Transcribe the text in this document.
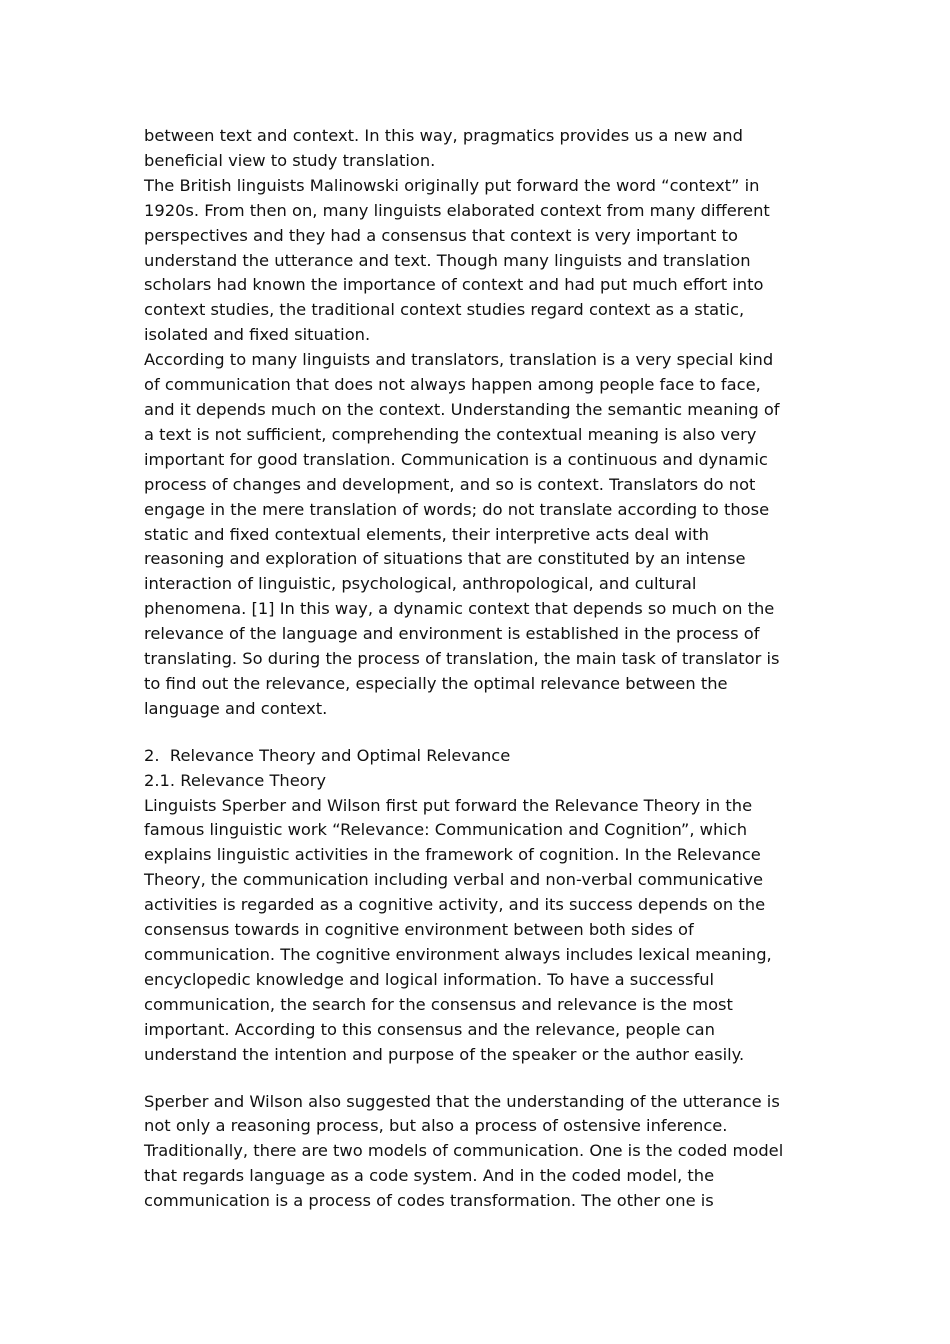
between text and context. In this way, pragmatics provides us a new and
beneficial view to study translation.

The British linguists Malinowski originally put forward the word “context” in
1920s. From then on, many linguists elaborated context from many different
perspectives and they had a consensus that context is very important to
understand the utterance and text. Though many linguists and translation
scholars had known the importance of context and had put much effort into
context studies, the traditional context studies regard context as a static,
isolated and fixed situation.

According to many linguists and translators, translation is a very special kind
of communication that does not always happen among people face to face,
and it depends much on the context. Understanding the semantic meaning of
a text is not sufficient, comprehending the contextual meaning is also very
important for good translation. Communication is a continuous and dynamic
process of changes and development, and so is context. Translators do not
engage in the mere translation of words; do not translate according to those
static and fixed contextual elements, their interpretive acts deal with
reasoning and exploration of situations that are constituted by an intense
interaction of linguistic, psychological, anthropological, and cultural
phenomena. [1] In this way, a dynamic context that depends so much on the
relevance of the language and environment is established in the process of
translating. So during the process of translation, the main task of translator is
to find out the relevance, especially the optimal relevance between the
language and context.

2.  Relevance Theory and Optimal Relevance

2.1. Relevance Theory

Linguists Sperber and Wilson first put forward the Relevance Theory in the
famous linguistic work “Relevance: Communication and Cognition”, which
explains linguistic activities in the framework of cognition. In the Relevance
Theory, the communication including verbal and non-verbal communicative
activities is regarded as a cognitive activity, and its success depends on the
consensus towards in cognitive environment between both sides of
communication. The cognitive environment always includes lexical meaning,
encyclopedic knowledge and logical information. To have a successful
communication, the search for the consensus and relevance is the most
important. According to this consensus and the relevance, people can
understand the intention and purpose of the speaker or the author easily.

Sperber and Wilson also suggested that the understanding of the utterance is
not only a reasoning process, but also a process of ostensive inference.
Traditionally, there are two models of communication. One is the coded model
that regards language as a code system. And in the coded model, the
communication is a process of codes transformation. The other one is
